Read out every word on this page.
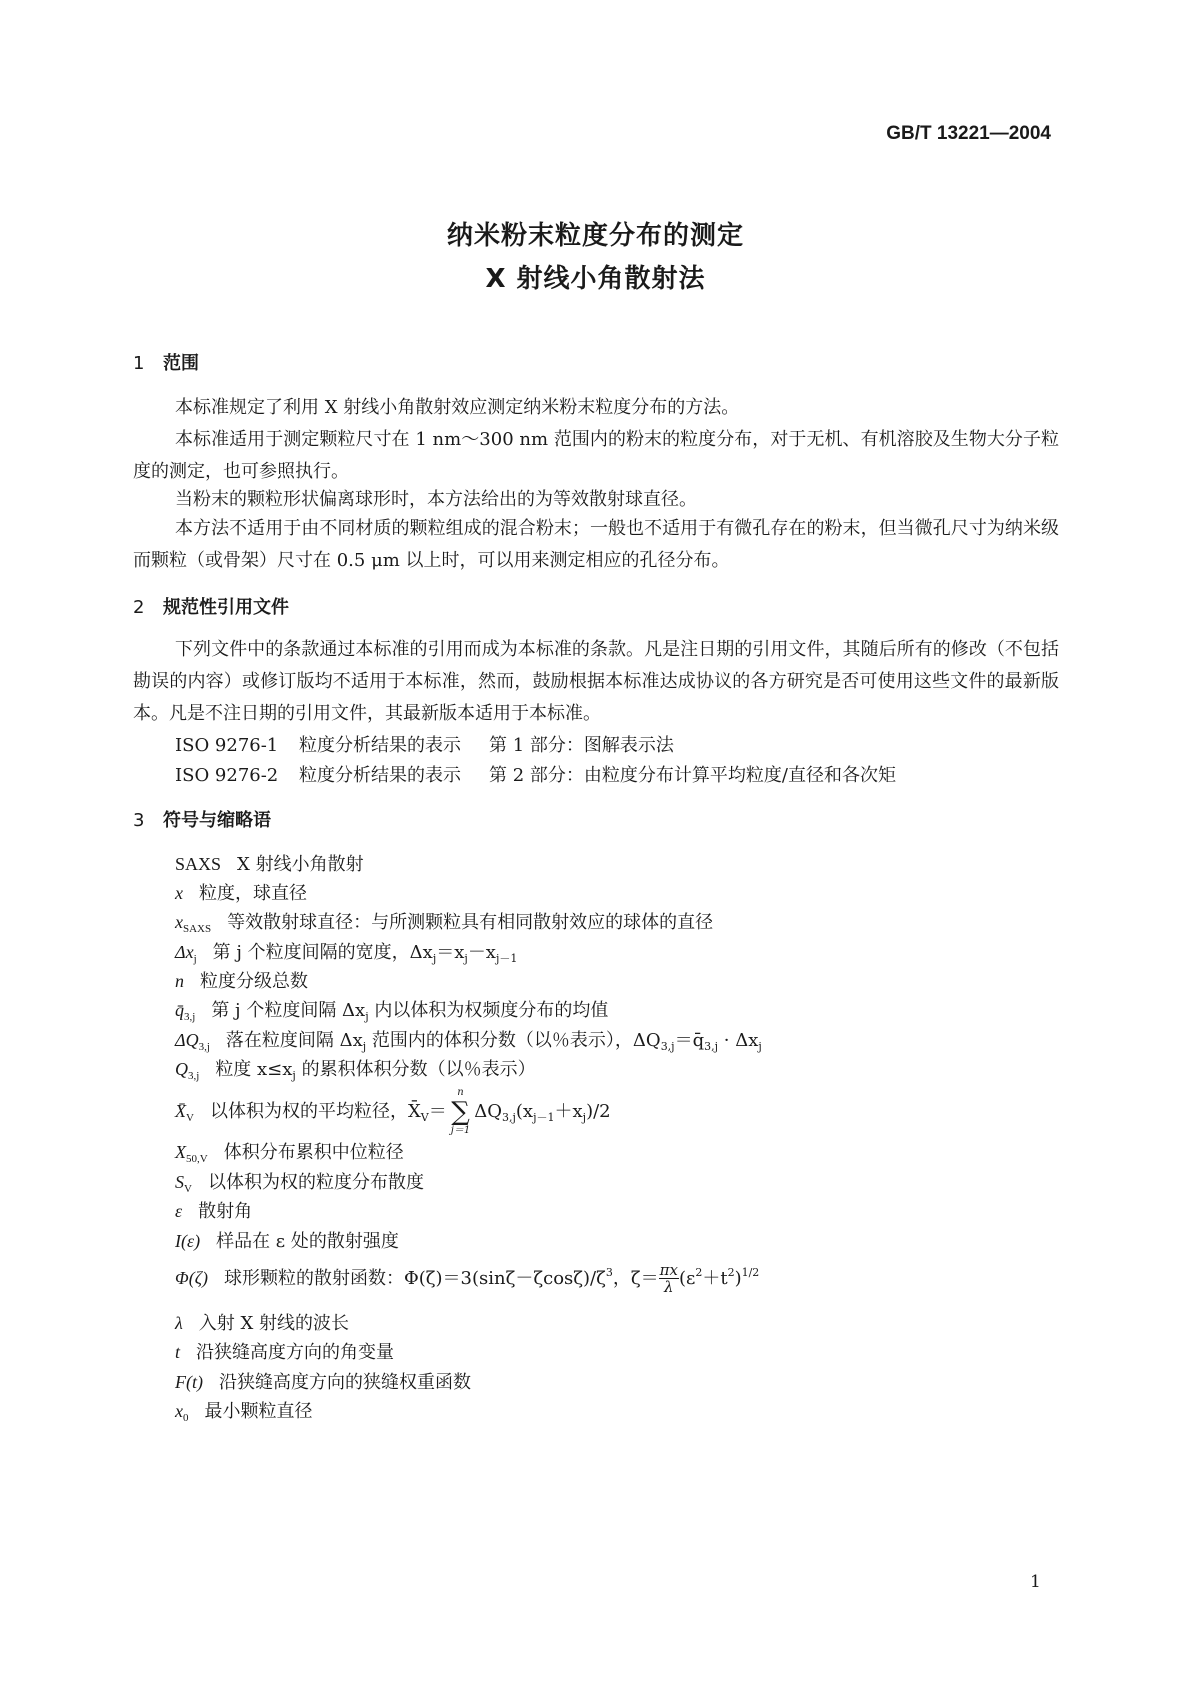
GB/T 13221—2004
纳米粉末粒度分布的测定
X 射线小角散射法
1 范围
本标准规定了利用 X 射线小角散射效应测定纳米粉末粒度分布的方法。
本标准适用于测定颗粒尺寸在 1 nm～300 nm 范围内的粉末的粒度分布，对于无机、有机溶胶及生物大分子粒度的测定，也可参照执行。
当粉末的颗粒形状偏离球形时，本方法给出的为等效散射球直径。
本方法不适用于由不同材质的颗粒组成的混合粉末；一般也不适用于有微孔存在的粉末，但当微孔尺寸为纳米级而颗粒（或骨架）尺寸在 0.5 μm 以上时，可以用来测定相应的孔径分布。
2 规范性引用文件
下列文件中的条款通过本标准的引用而成为本标准的条款。凡是注日期的引用文件，其随后所有的修改（不包括勘误的内容）或修订版均不适用于本标准，然而，鼓励根据本标准达成协议的各方研究是否可使用这些文件的最新版本。凡是不注日期的引用文件，其最新版本适用于本标准。
ISO 9276-1 粒度分析结果的表示 第 1 部分：图解表示法
ISO 9276-2 粒度分析结果的表示 第 2 部分：由粒度分布计算平均粒度/直径和各次矩
3 符号与缩略语
SAXS X 射线小角散射
x 粒度，球直径
$x_{SAXS}$ 等效散射球直径：与所测颗粒具有相同散射效应的球体的直径
$\Delta x_j$ 第 j 个粒度间隔的宽度，$\Delta x_j=x_j-x_{j-1}$
n 粒度分级总数
$q̄_{3,j}$ 第 j 个粒度间隔 $\Delta x_j$ 内以体积为权频度分布的均值
$\Delta Q_{3,j}$ 落在粒度间隔 $\Delta x_j$ 范围内的体积分数（以％表示），$\Delta Q_{3,j}=q̄_{3,j} \cdot \Delta x_j$
$Q_{3,j}$ 粒度 $x\le x_j$ 的累积体积分数（以％表示）
$X̄_V$ 以体积为权的平均粒径，$X̄_V=$
n
∑
j＝1
$\Delta Q_{3,j}(x_{j-1}+x_j)/2$
$X_{50,V}$ 体积分布累积中位粒径
$S_V$ 以体积为权的粒度分布散度
ε 散射角
I(ε) 样品在 ε 处的散射强度
Φ(ζ) 球形颗粒的散射函数：$\Phi(\zeta)=3(\sin\zeta-\zeta\cos\zeta)/\zeta^3$，$\zeta= \frac{\pi x}{\lambda} (\varepsilon^2+t^2)^{1/2}$
λ 入射 X 射线的波长
t 沿狭缝高度方向的角变量
F(t) 沿狭缝高度方向的狭缝权重函数
$x_0$ 最小颗粒直径
1
